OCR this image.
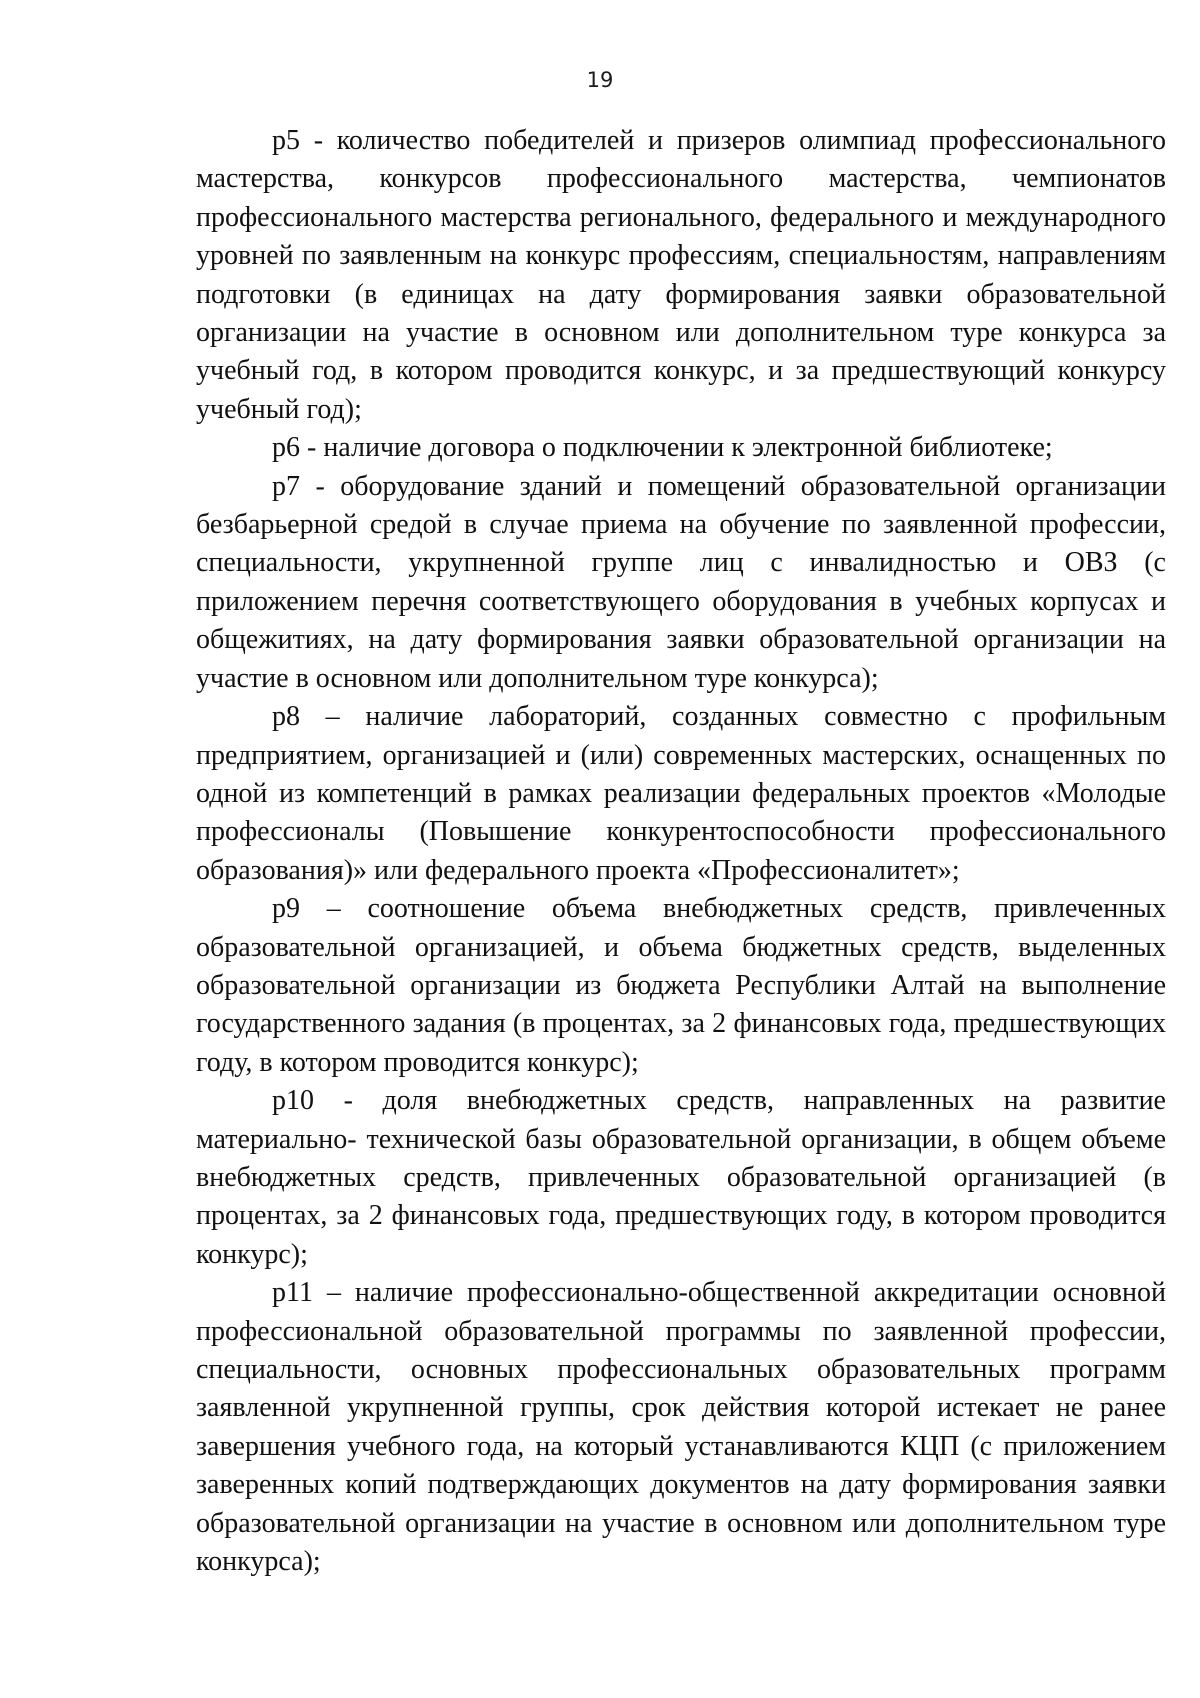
19

р5 - количество победителей и призеров олимпиад профессионального мастерства, конкурсов профессионального мастерства, чемпионатов профессионального мастерства регионального, федерального и международного уровней по заявленным на конкурс профессиям, специальностям, направлениям подготовки (в единицах на дату формирования заявки образовательной организации на участие в основном или дополнительном туре конкурса за учебный год, в котором проводится конкурс, и за предшествующий конкурсу учебный год);

р6 - наличие договора о подключении к электронной библиотеке;

р7 - оборудование зданий и помещений образовательной организации безбарьерной средой в случае приема на обучение по заявленной профессии, специальности, укрупненной группе лиц с инвалидностью и ОВЗ (с приложением перечня соответствующего оборудования в учебных корпусах и общежитиях, на дату формирования заявки образовательной организации на участие в основном или дополнительном туре конкурса);

р8 – наличие лабораторий, созданных совместно с профильным предприятием, организацией и (или) современных мастерских, оснащенных по одной из компетенций в рамках реализации федеральных проектов «Молодые профессионалы (Повышение конкурентоспособности профессионального образования)» или федерального проекта «Профессионалитет»;

р9 – соотношение объема внебюджетных средств, привлеченных образовательной организацией, и объема бюджетных средств, выделенных образовательной организации из бюджета Республики Алтай на выполнение государственного задания (в процентах, за 2 финансовых года, предшествующих году, в котором проводится конкурс);

р10 - доля внебюджетных средств, направленных на развитие материально- технической базы образовательной организации, в общем объеме внебюджетных средств, привлеченных образовательной организацией (в процентах, за 2 финансовых года, предшествующих году, в котором проводится конкурс);

р11 – наличие профессионально-общественной аккредитации основной профессиональной образовательной программы по заявленной профессии, специальности, основных профессиональных образовательных программ заявленной укрупненной группы, срок действия которой истекает не ранее завершения учебного года, на который устанавливаются КЦП (с приложением заверенных копий подтверждающих документов на дату формирования заявки образовательной организации на участие в основном или дополнительном туре конкурса);
